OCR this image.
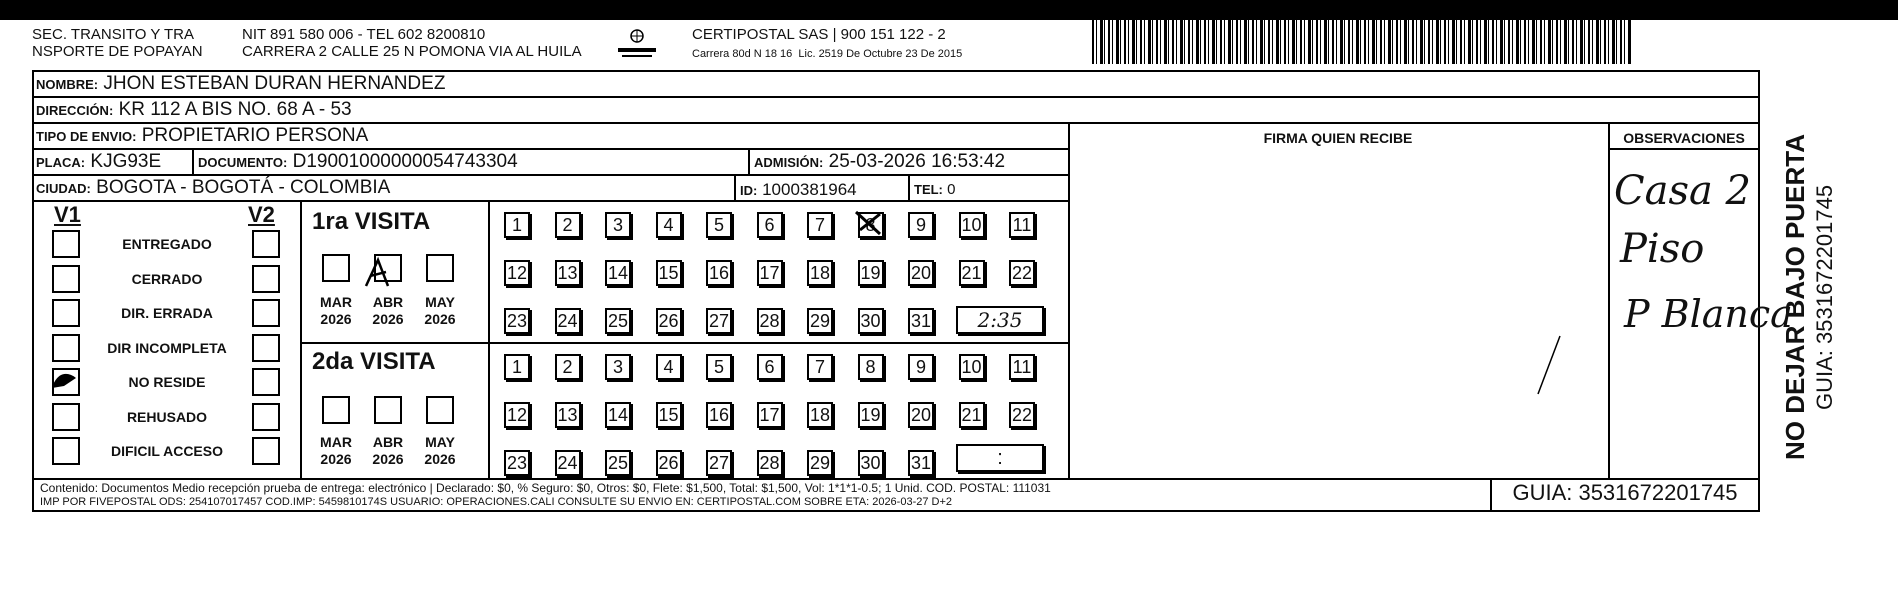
SEC. TRANSITO Y TRA
NSPORTE DE POPAYAN
NIT 891 580 006 - TEL 602 8200810
CARRERA 2 CALLE 25 N POMONA VIA AL HUILA
CERTIPOSTAL SAS | 900 151 122 - 2
Carrera 80d N 18 16  Lic. 2519 De Octubre 23 De 2015
NOMBRE: JHON ESTEBAN DURAN HERNANDEZ
DIRECCIÓN: KR 112 A BIS NO. 68 A - 53
TIPO DE ENVIO: PROPIETARIO PERSONA	FIRMA QUIEN RECIBE	OBSERVACIONES
PLACA: KJG93E	DOCUMENTO: D19001000000054743304	ADMISIÓN: 25-03-2026 16:53:42
CIUDAD: BOGOTA - BOGOTÁ - COLOMBIA	ID: 1000381964	TEL: 0
V1	V2
ENTREGADO
CERRADO
DIR. ERRADA
DIR INCOMPLETA
NO RESIDE
REHUSADO
DIFICIL ACCESO
1ra VISITA
2da VISITA
MAR
2026
ABR
2026
MAY
2026
MAR
2026
ABR
2026
MAY
2026
1	2	3	4	5	6	7	8	9	10 11
12 13 14 15 16 17 18 19 20 21 22
23 24 25 26 27 28 29 30 31
1	2	3	4	5	6	7	8	9	10 11
12 13 14 15 16 17 18 19 20 21 22
23 24 25 26 27 28 29 30 31
2:35
:
Casa 2
Piso
P Blanca
Contenido: Documentos Medio recepción prueba de entrega: electrónico | Declarado: $0, % Seguro: $0, Otros: $0, Flete: $1,500, Total: $1,500, Vol: 1*1*1-0.5; 1 Unid. COD. POSTAL: 111031
IMP POR FIVEPOSTAL ODS: 254107017457 COD.IMP: 5459810174S USUARIO: OPERACIONES.CALI CONSULTE SU ENVIO EN: CERTIPOSTAL.COM SOBRE ETA: 2026-03-27 D+2	GUIA: 3531672201745
NO DEJAR BAJO PUERTA GUIA: 3531672201745
